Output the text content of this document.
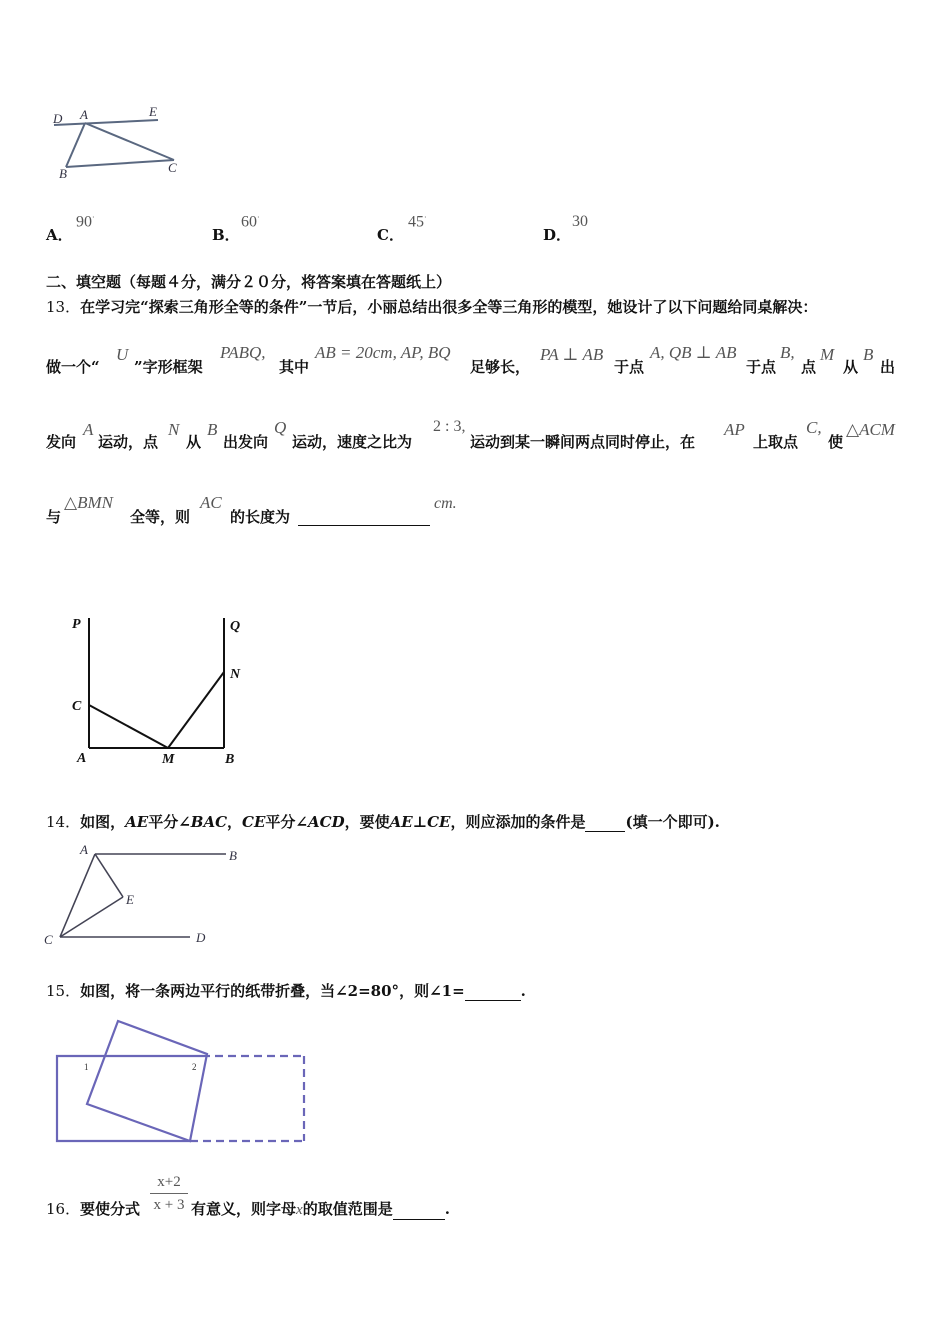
D A	E
B	C
A．
90·
B．
60·
C．
45·
D．
30
二、填空题（每题４分，满分２０分，将答案填在答题纸上）
13．在学习完“探索三角形全等的条件”一节后，小丽总结出很多全等三角形的模型，她设计了以下问题给同桌解决：
做一个“
U
”字形框架
PABQ,
其中
AB = 20cm, AP, BQ
足够长，
PA ⊥ AB
于点
A, QB ⊥ AB
于点
B,
点
M
从
B
出
发向
A
运动，点
N
从
B
出发向
Q
运动，速度之比为
2 : 3,
运动到某一瞬间两点同时停止，在
AP
上取点
C,
使
△ACM
与
△BMN
全等，则
AC
的长度为
cm.
P	Q
C
N
A	M	B
14．如图，AE平分∠BAC，CE平分∠ACD，要使AE⊥CE，则应添加的条件是	(填一个即可).
A	B
E
C	D
15．如图，将一条两边平行的纸带折叠，当∠2=80°，则∠1=	.
1	2
16． 要使分式
x+2
x + 3 有意义，则字母x的取值范围是	.
